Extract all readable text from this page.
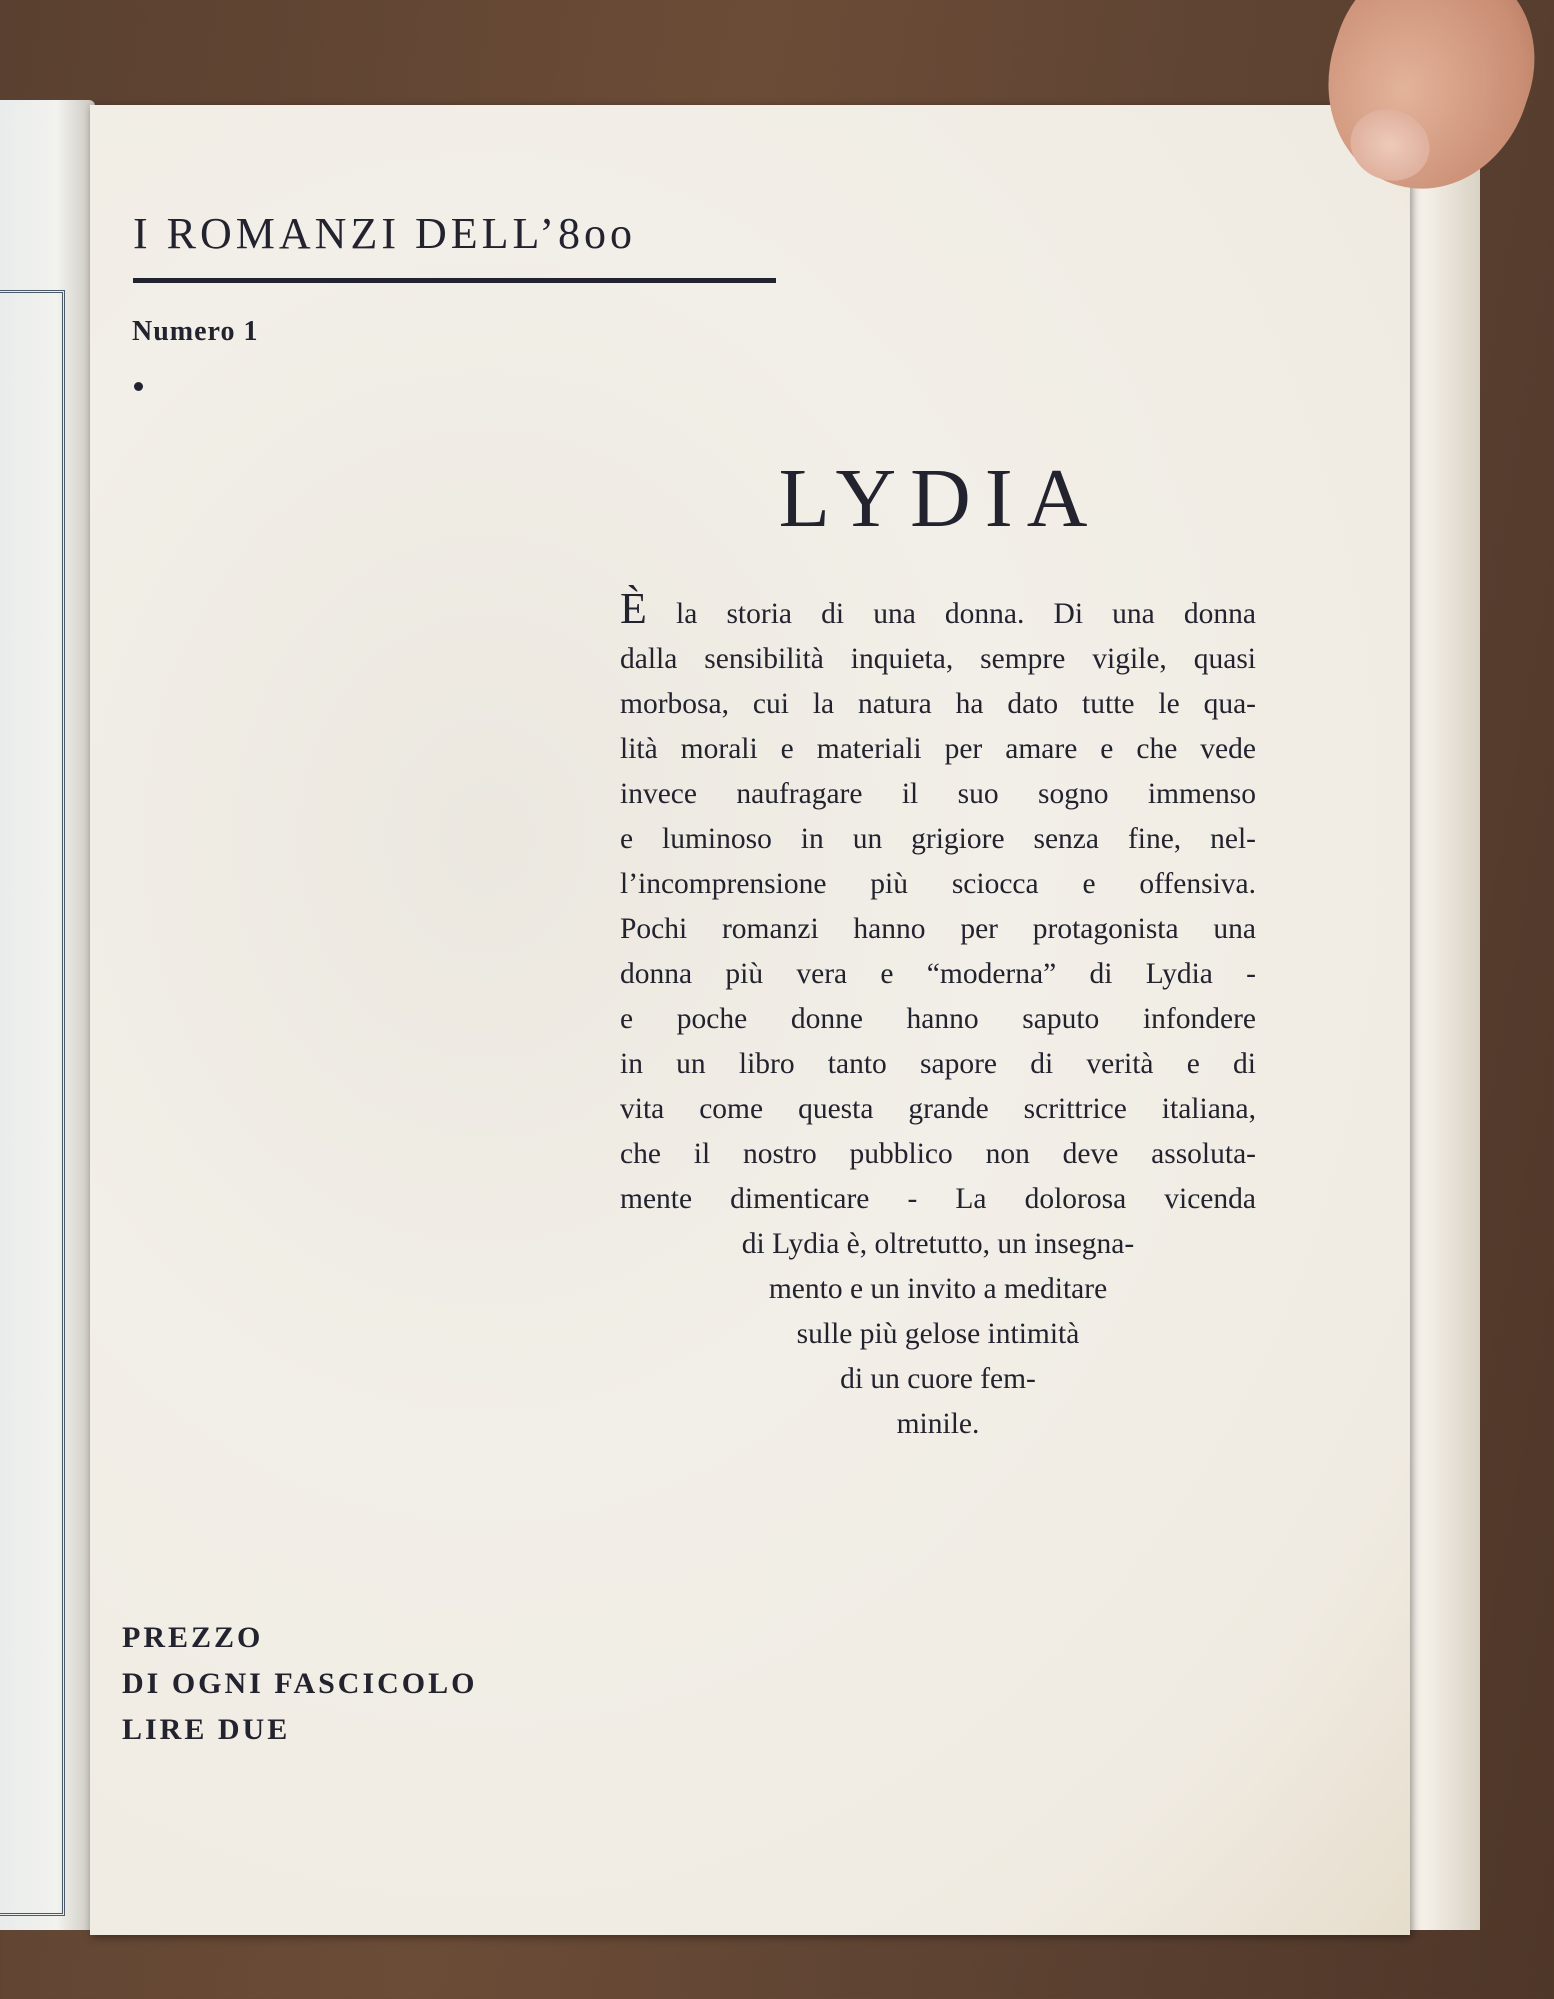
I ROMANZI DELL’8oo
Numero 1
LYDIA
È la storia di una donna. Di una donna
dalla sensibilità inquieta, sempre vigile, quasi
morbosa, cui la natura ha dato tutte le qua-
lità morali e materiali per amare e che vede
invece naufragare il suo sogno immenso
e luminoso in un grigiore senza fine, nel-
l’incomprensione più sciocca e offensiva.
Pochi romanzi hanno per protagonista una
donna più vera e “moderna” di Lydia -
e poche donne hanno saputo infondere
in un libro tanto sapore di verità e di
vita come questa grande scrittrice italiana,
che il nostro pubblico non deve assoluta-
mente dimenticare - La dolorosa vicenda
di Lydia è, oltretutto, un insegna-
mento e un invito a meditare
sulle più gelose intimità
di un cuore fem-
minile.
PREZZO
DI OGNI FASCICOLO
LIRE DUE
